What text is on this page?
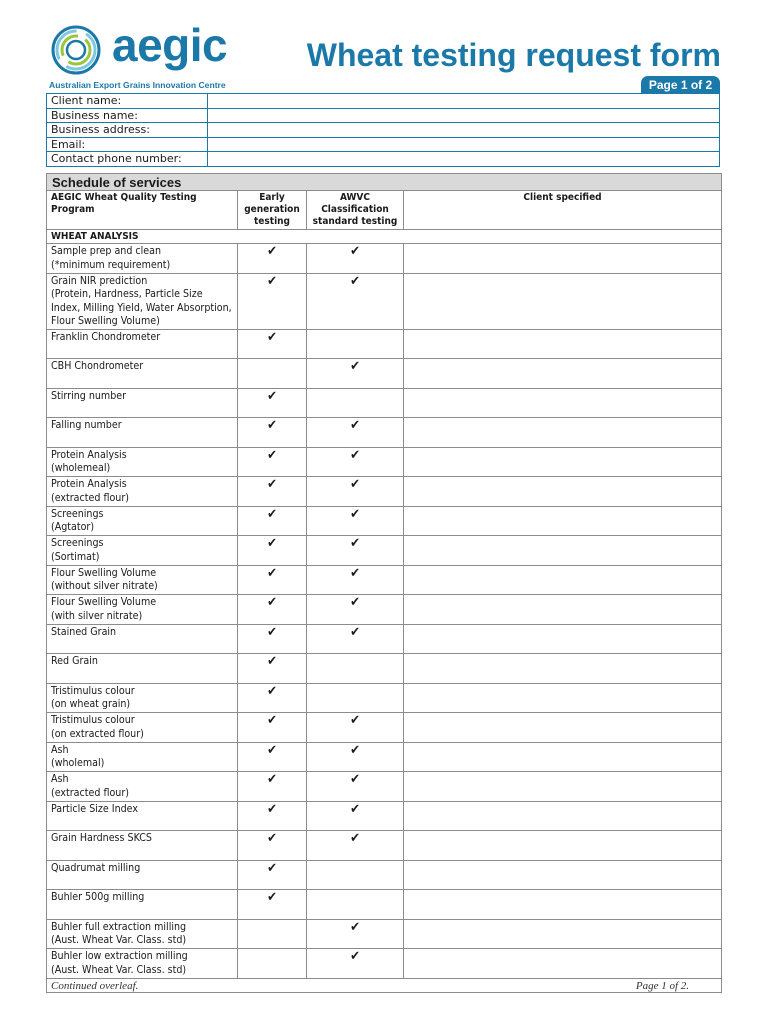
aegic
Australian Export Grains Innovation Centre
Wheat testing request form
Page 1 of 2
Client name:	
Business name:	
Business address:	
Email:	
Contact phone number:	
Schedule of services			
AEGIC Wheat Quality Testing Program	Early generation testing	AWVC Classification standard testing	Client specified
WHEAT ANALYSIS			
Sample prep and clean
(*minimum requirement)	✔	✔	
Grain NIR prediction
(Protein, Hardness, Particle Size Index, Milling Yield, Water Absorption, Flour Swelling Volume)	✔	✔	
Franklin Chondrometer	✔		
CBH Chondrometer		✔	
Stirring number	✔		
Falling number	✔	✔	
Protein Analysis
(wholemeal)	✔	✔	
Protein Analysis
(extracted flour)	✔	✔	
Screenings
(Agtator)	✔	✔	
Screenings
(Sortimat)	✔	✔	
Flour Swelling Volume
(without silver nitrate)	✔	✔	
Flour Swelling Volume
(with silver nitrate)	✔	✔	
Stained Grain	✔	✔	
Red Grain	✔		
Tristimulus colour
(on wheat grain)	✔		
Tristimulus colour
(on extracted flour)	✔	✔	
Ash
(wholemal)	✔	✔	
Ash
(extracted flour)	✔	✔	
Particle Size Index	✔	✔	
Grain Hardness SKCS	✔	✔	
Quadrumat milling	✔		
Buhler 500g milling	✔		
Buhler full extraction milling
(Aust. Wheat Var. Class. std)		✔	
Buhler low extraction milling
(Aust. Wheat Var. Class. std)		✔	
Continued overleaf. Page 1 of 2.			
